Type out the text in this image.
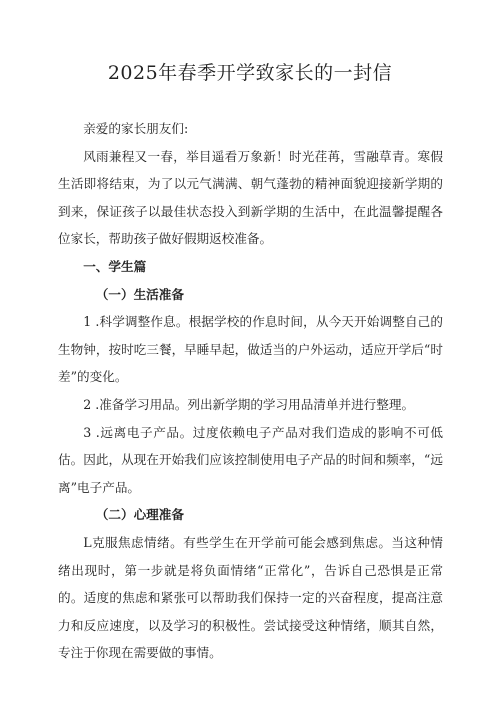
2025年春季开学致家长的一封信

亲爱的家长朋友们:

风雨兼程又一春，举目遥看万象新！时光荏苒，雪融草青。寒假生活即将结束，为了以元气满满、朝气蓬勃的精神面貌迎接新学期的到来，保证孩子以最佳状态投入到新学期的生活中，在此温馨提醒各位家长，帮助孩子做好假期返校准备。

一、学生篇

（一）生活准备

1 .科学调整作息。根据学校的作息时间，从今天开始调整自己的生物钟，按时吃三餐，早睡早起，做适当的户外运动，适应开学后“时差”的变化。

2 .准备学习用品。列出新学期的学习用品清单并进行整理。

3 .远离电子产品。过度依赖电子产品对我们造成的影响不可低估。因此，从现在开始我们应该控制使用电子产品的时间和频率，“远离”电子产品。

（二）心理准备

L克服焦虑情绪。有些学生在开学前可能会感到焦虑。当这种情绪出现时，第一步就是将负面情绪“正常化”，告诉自己恐惧是正常的。适度的焦虑和紧张可以帮助我们保持一定的兴奋程度，提高注意力和反应速度，以及学习的积极性。尝试接受这种情绪，顺其自然，专注于你现在需要做的事情。
